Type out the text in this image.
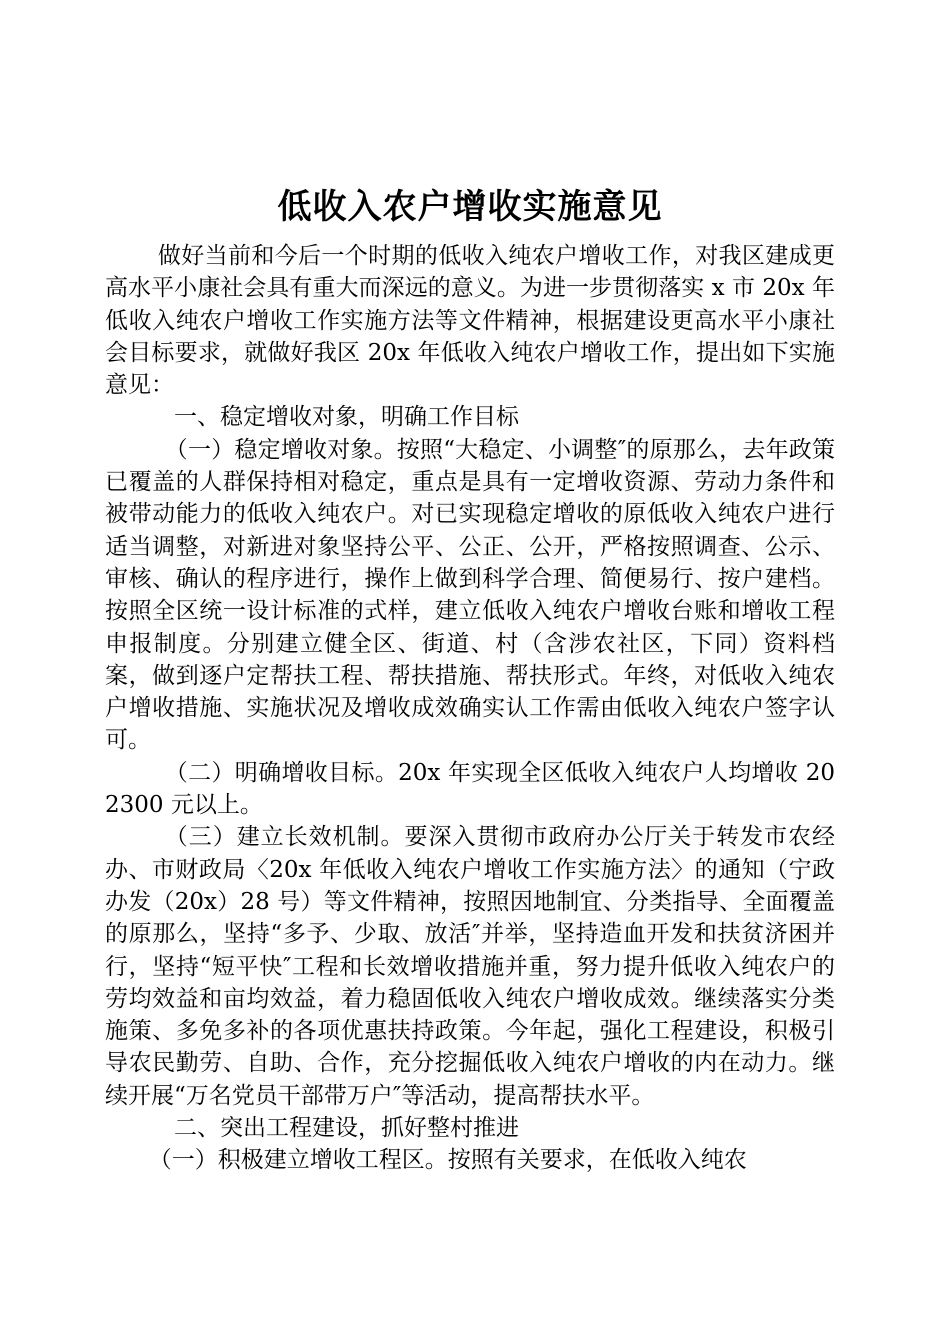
低收入农户增收实施意见

做好当前和今后一个时期的低收入纯农户增收工作，对我区建成更高水平小康社会具有重大而深远的意义。为进一步贯彻落实 x 市 20x 年低收入纯农户增收工作实施方法等文件精神，根据建设更高水平小康社会目标要求，就做好我区 20x 年低收入纯农户增收工作，提出如下实施意见：

一、稳定增收对象，明确工作目标

（一）稳定增收对象。按照“大稳定、小调整″的原那么，去年政策已覆盖的人群保持相对稳定，重点是具有一定增收资源、劳动力条件和被带动能力的低收入纯农户。对已实现稳定增收的原低收入纯农户进行适当调整，对新进对象坚持公平、公正、公开，严格按照调查、公示、审核、确认的程序进行，操作上做到科学合理、简便易行、按户建档。按照全区统一设计标准的式样，建立低收入纯农户增收台账和增收工程申报制度。分别建立健全区、街道、村（含涉农社区，下同）资料档案，做到逐户定帮扶工程、帮扶措施、帮扶形式。年终，对低收入纯农户增收措施、实施状况及增收成效确实认工作需由低收入纯农户签字认可。

（二）明确增收目标。20x 年实现全区低收入纯农户人均增收 202300 元以上。

（三）建立长效机制。要深入贯彻市政府办公厅关于转发市农经办、市财政局〈20x 年低收入纯农户增收工作实施方法〉的通知（宁政办发（20x）28 号）等文件精神，按照因地制宜、分类指导、全面覆盖的原那么，坚持“多予、少取、放活″并举，坚持造血开发和扶贫济困并行，坚持“短平快″工程和长效增收措施并重，努力提升低收入纯农户的劳均效益和亩均效益，着力稳固低收入纯农户增收成效。继续落实分类施策、多免多补的各项优惠扶持政策。今年起，强化工程建设，积极引导农民勤劳、自助、合作，充分挖掘低收入纯农户增收的内在动力。继续开展“万名党员干部带万户″等活动，提高帮扶水平。

二、突出工程建设，抓好整村推进

（一）积极建立增收工程区。按照有关要求，在低收入纯农
